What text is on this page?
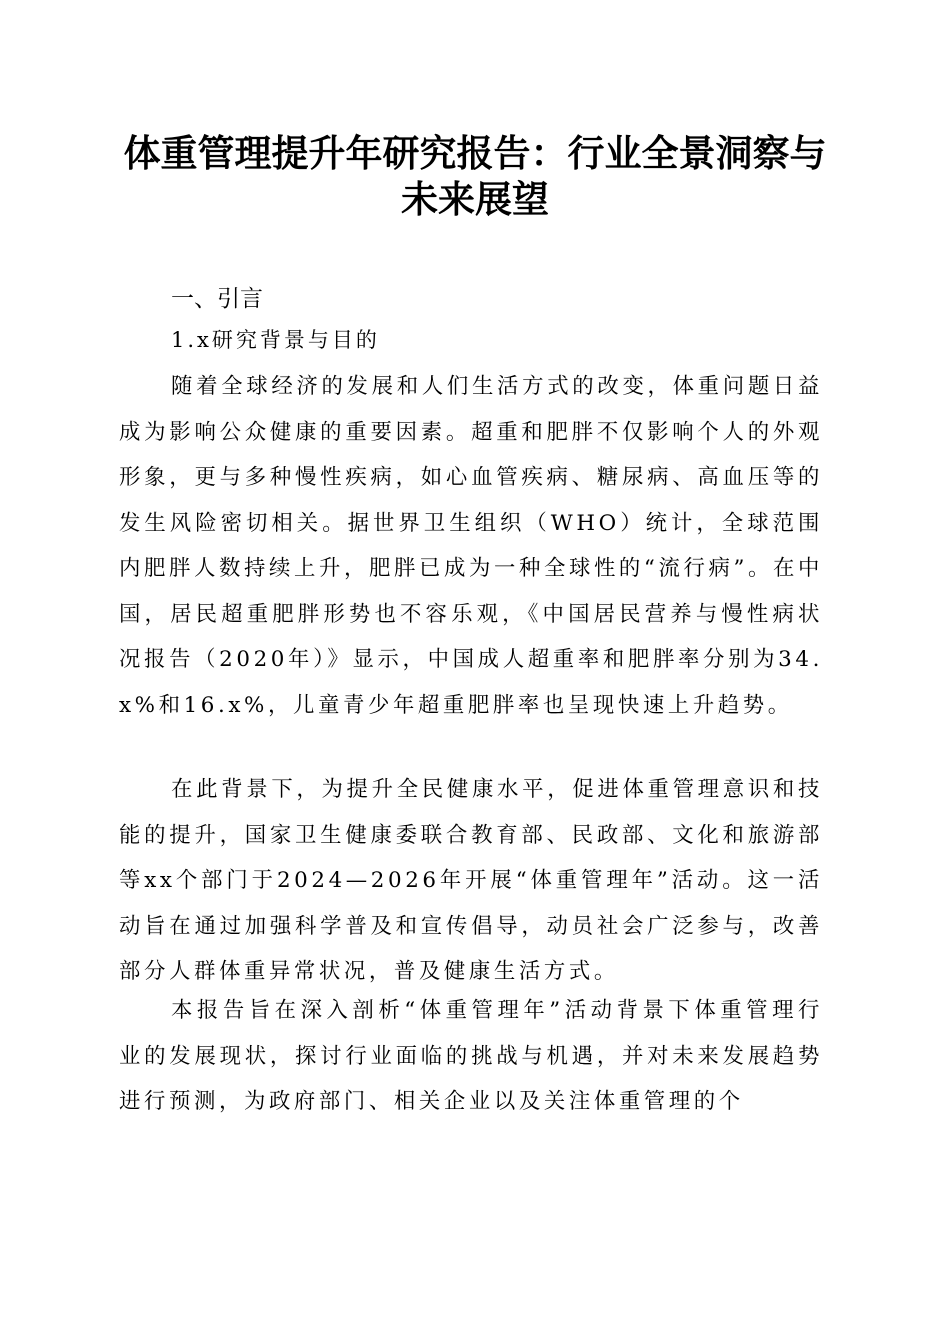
体重管理提升年研究报告：行业全景洞察与未来展望
一、引言
1.x研究背景与目的

随着全球经济的发展和人们生活方式的改变，体重问题日益成为影响公众健康的重要因素。超重和肥胖不仅影响个人的外观形象，更与多种慢性疾病，如心血管疾病、糖尿病、高血压等的发生风险密切相关。据世界卫生组织（WHO）统计，全球范围内肥胖人数持续上升，肥胖已成为一种全球性的“流行病”。在中国，居民超重肥胖形势也不容乐观，《中国居民营养与慢性病状况报告（2020年）》显示，中国成人超重率和肥胖率分别为34.x%和16.x%，儿童青少年超重肥胖率也呈现快速上升趋势。

在此背景下，为提升全民健康水平，促进体重管理意识和技能的提升，国家卫生健康委联合教育部、民政部、文化和旅游部等xx个部门于2024—2026年开展“体重管理年”活动。这一活动旨在通过加强科学普及和宣传倡导，动员社会广泛参与，改善部分人群体重异常状况，普及健康生活方式。

本报告旨在深入剖析“体重管理年”活动背景下体重管理行业的发展现状，探讨行业面临的挑战与机遇，并对未来发展趋势进行预测，为政府部门、相关企业以及关注体重管理的个
